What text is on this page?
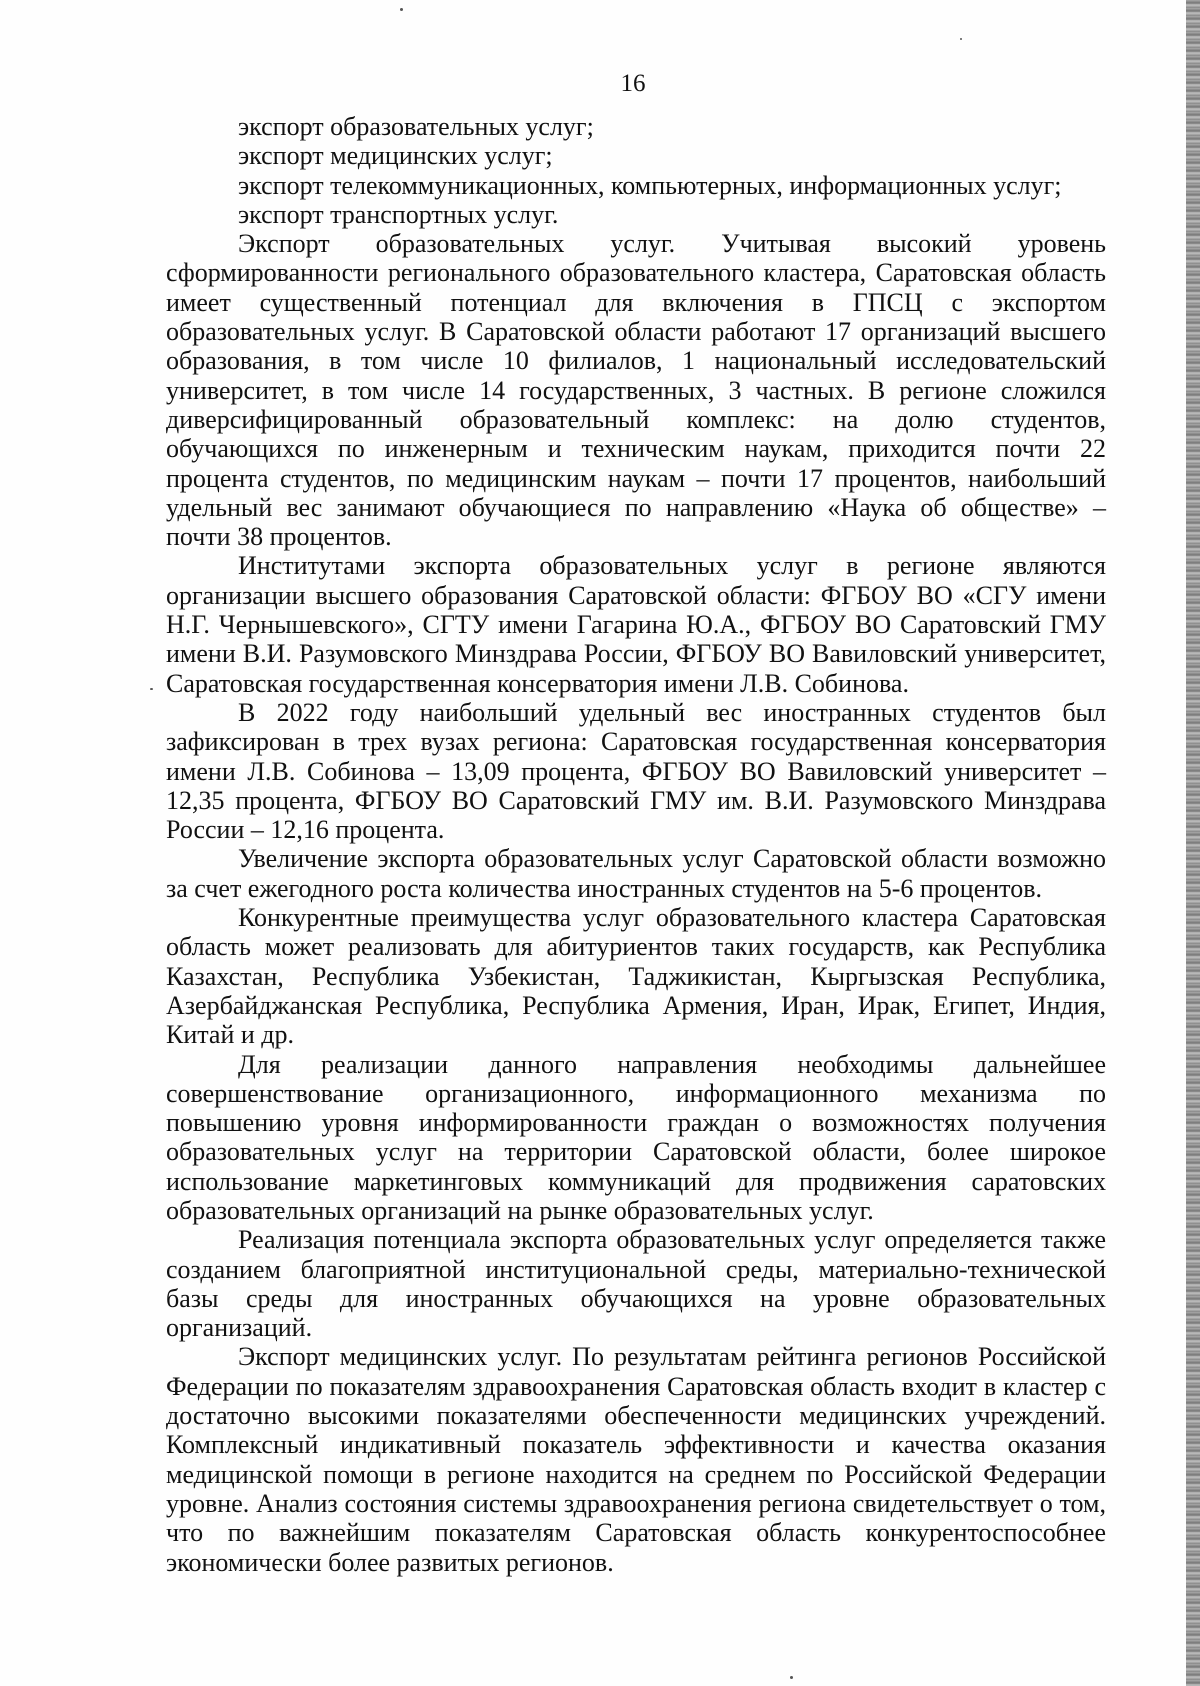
16

экспорт образовательных услуг;

экспорт медицинских услуг;

экспорт телекоммуникационных, компьютерных, информационных услуг;

экспорт транспортных услуг.

Экспорт образовательных услуг. Учитывая высокий уровень сформированности регионального образовательного кластера, Саратовская область имеет существенный потенциал для включения в ГПСЦ с экспортом образовательных услуг. В Саратовской области работают 17 организаций высшего образования, в том числе 10 филиалов, 1 национальный исследовательский университет, в том числе 14 государственных, 3 частных. В регионе сложился диверсифицированный образовательный комплекс: на долю студентов, обучающихся по инженерным и техническим наукам, приходится почти 22 процента студентов, по медицинским наукам – почти 17 процентов, наибольший удельный вес занимают обучающиеся по направлению «Наука об обществе» – почти 38 процентов.

Институтами экспорта образовательных услуг в регионе являются организации высшего образования Саратовской области: ФГБОУ ВО «СГУ имени Н.Г. Чернышевского», СГТУ имени Гагарина Ю.А., ФГБОУ ВО Саратовский ГМУ имени В.И. Разумовского Минздрава России, ФГБОУ ВО Вавиловский университет, Саратовская государственная консерватория имени Л.В. Собинова.

В 2022 году наибольший удельный вес иностранных студентов был зафиксирован в трех вузах региона: Саратовская государственная консерватория имени Л.В. Собинова – 13,09 процента, ФГБОУ ВО Вавиловский университет – 12,35 процента, ФГБОУ ВО Саратовский ГМУ им. В.И. Разумовского Минздрава России – 12,16 процента.

Увеличение экспорта образовательных услуг Саратовской области возможно за счет ежегодного роста количества иностранных студентов на 5-6 процентов.

Конкурентные преимущества услуг образовательного кластера Саратовская область может реализовать для абитуриентов таких государств, как Республика Казахстан, Республика Узбекистан, Таджикистан, Кыргызская Республика, Азербайджанская Республика, Республика Армения, Иран, Ирак, Египет, Индия, Китай и др.

Для реализации данного направления необходимы дальнейшее совершенствование организационного, информационного механизма по повышению уровня информированности граждан о возможностях получения образовательных услуг на территории Саратовской области, более широкое использование маркетинговых коммуникаций для продвижения саратовских образовательных организаций на рынке образовательных услуг.

Реализация потенциала экспорта образовательных услуг определяется также созданием благоприятной институциональной среды, материально-технической базы среды для иностранных обучающихся на уровне образовательных организаций.

Экспорт медицинских услуг. По результатам рейтинга регионов Российской Федерации по показателям здравоохранения Саратовская область входит в кластер с достаточно высокими показателями обеспеченности медицинских учреждений. Комплексный индикативный показатель эффективности и качества оказания медицинской помощи в регионе находится на среднем по Российской Федерации уровне. Анализ состояния системы здравоохранения региона свидетельствует о том, что по важнейшим показателям Саратовская область конкурентоспособнее экономически более развитых регионов.
